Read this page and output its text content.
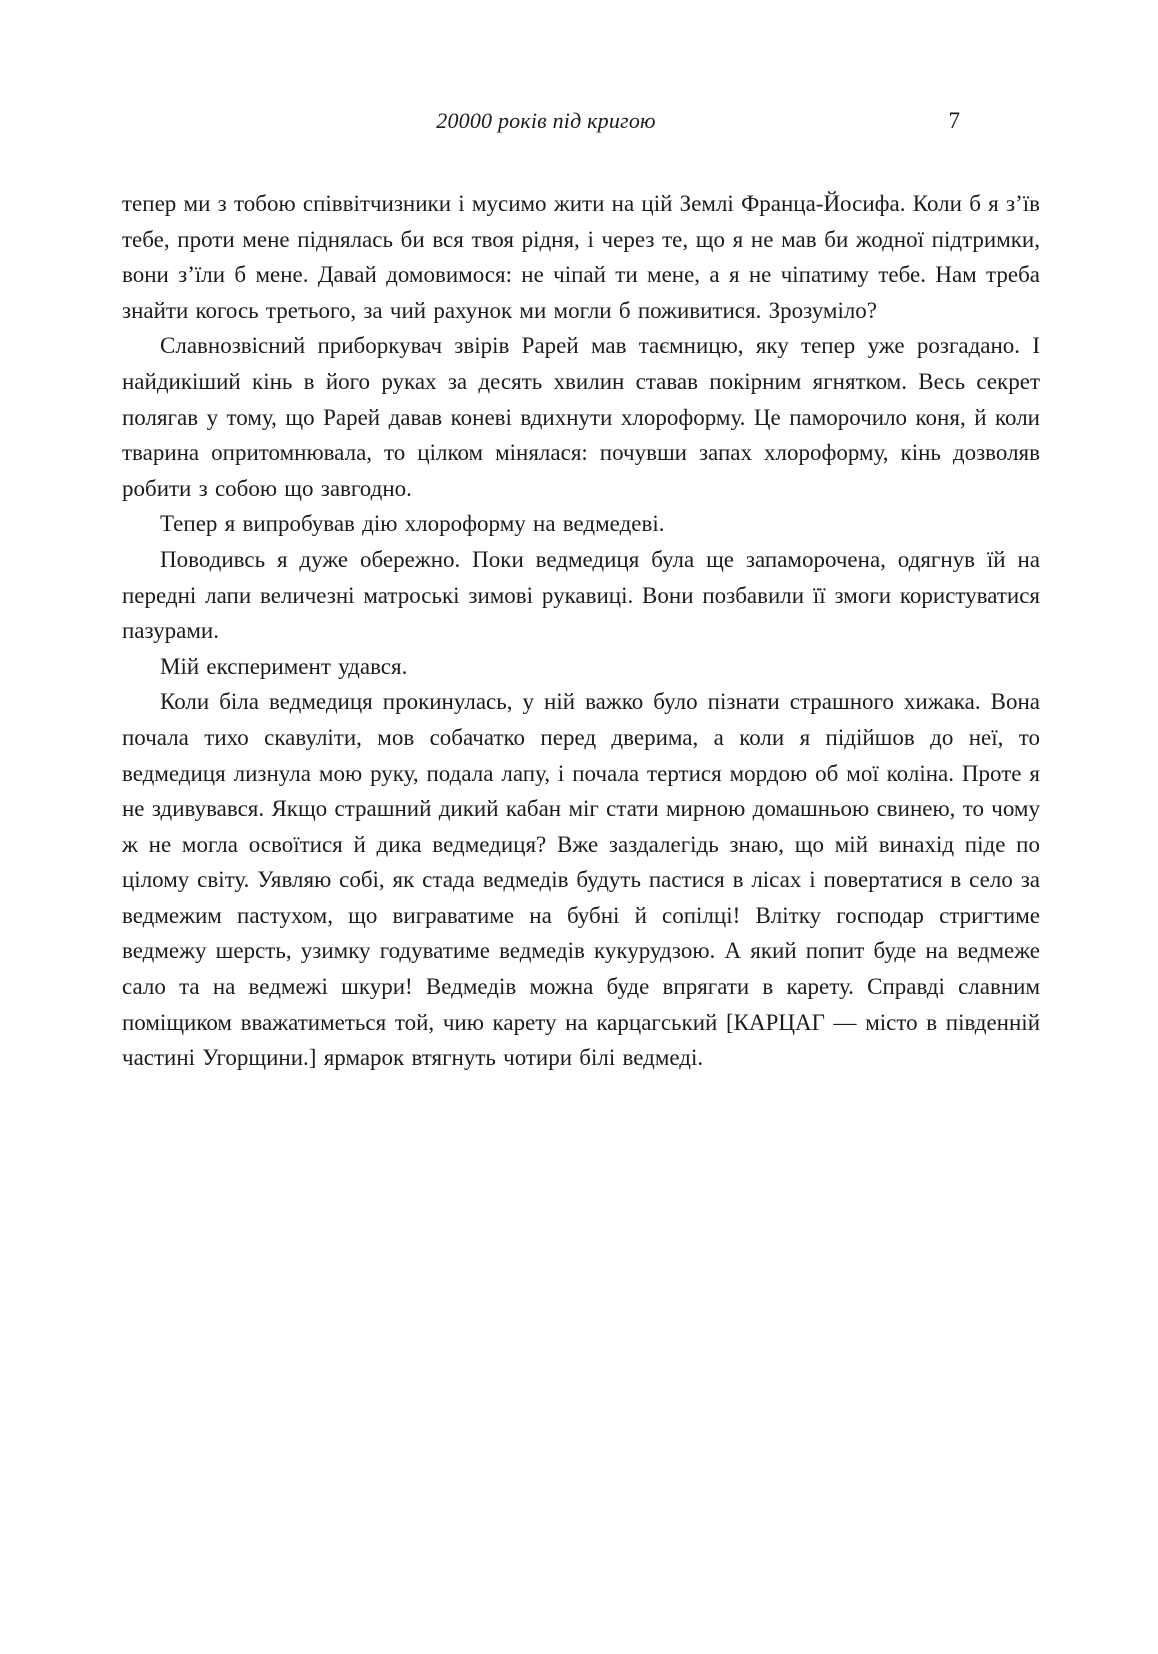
20000 років під кригою	7

тепер ми з тобою співвітчизники і мусимо жити на цій Землі Франца-Йосифа. Коли б я з’їв тебе, проти мене піднялась би вся твоя рідня, і через те, що я не мав би жодної підтримки, вони з’їли б мене. Давай домовимося: не чіпай ти мене, а я не чіпатиму тебе. Нам треба знайти когось третього, за чий рахунок ми могли б поживитися. Зрозуміло?

Славнозвісний приборкувач звірів Рарей мав таємницю, яку тепер уже розгадано. І найдикіший кінь в його руках за десять хвилин ставав покірним ягнятком. Весь секрет полягав у тому, що Рарей давав коневі вдихнути хлороформу. Це паморочило коня, й коли тварина опритомнювала, то цілком мінялася: почувши запах хлороформу, кінь дозволяв робити з собою що завгодно.

Тепер я випробував дію хлороформу на ведмедеві.

Поводивсь я дуже обережно. Поки ведмедиця була ще запаморочена, одягнув їй на передні лапи величезні матроські зимові рукавиці. Вони позбавили її змоги користуватися пазурами.

Мій експеримент удався.

Коли біла ведмедиця прокинулась, у ній важко було пізнати страшного хижака. Вона почала тихо скавуліти, мов собачатко перед дверима, а коли я підійшов до неї, то ведмедиця лизнула мою руку, подала лапу, і почала тертися мордою об мої коліна. Проте я не здивувався. Якщо страшний дикий кабан міг стати мирною домашньою свинею, то чому ж не могла освоїтися й дика ведмедиця? Вже заздалегідь знаю, що мій винахід піде по цілому світу. Уявляю собі, як стада ведмедів будуть пастися в лісах і повертатися в село за ведмежим пастухом, що виграватиме на бубні й сопілці! Влітку господар стригтиме ведмежу шерсть, узимку годуватиме ведмедів кукурудзою. А який попит буде на ведмеже сало та на ведмежі шкури! Ведмедів можна буде впрягати в карету. Справді славним поміщиком вважатиметься той, чию карету на карцагський [КАРЦАГ — місто в південній частині Угорщини.] ярмарок втягнуть чотири білі ведмеді.
